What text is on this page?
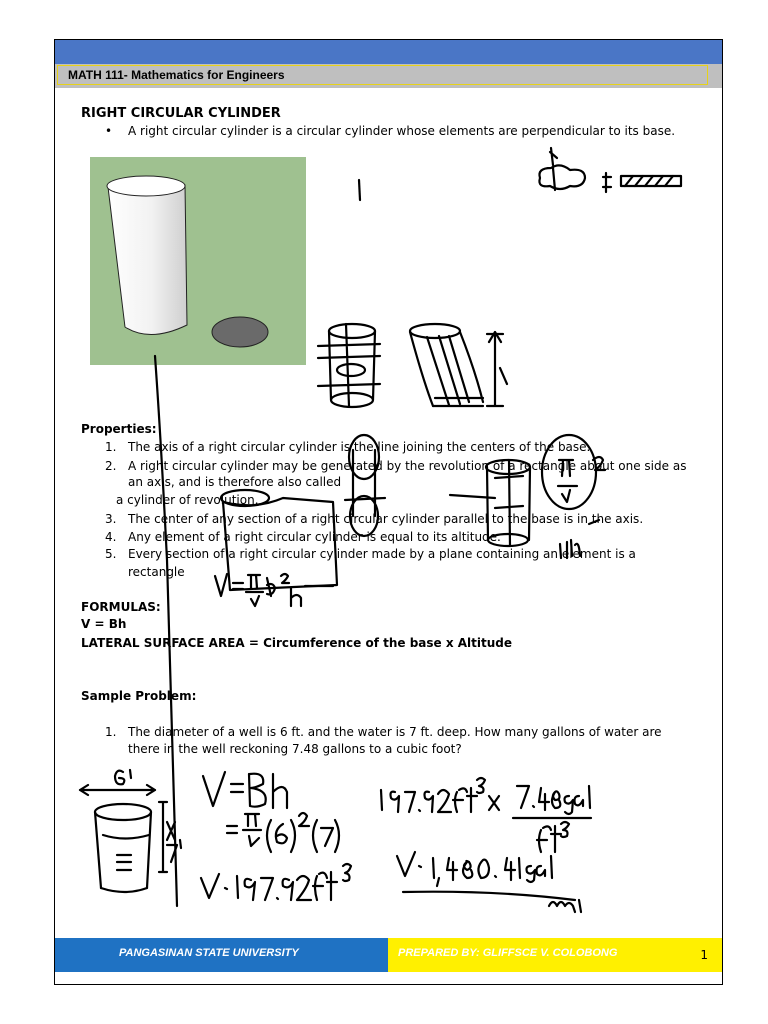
MATH 111- Mathematics for Engineers
RIGHT CIRCULAR CYLINDER
• A right circular cylinder is a circular cylinder whose elements are perpendicular to its base.
Properties:
1. The axis of a right circular cylinder is the line joining the centers of the base.
2. A right circular cylinder may be generated by the revolution of a rectangle about one side as
an axis, and is therefore also called
a cylinder of revolution.
3. The center of any section of a right circular cylinder parallel to the base is in the axis.
4. Any element of a right circular cylinder is equal to its altitude.
5. Every section of a right circular cylinder made by a plane containing an element is a
rectangle
FORMULAS:
V = Bh
LATERAL SURFACE AREA = Circumference of the base x Altitude
Sample Problem:
1. The diameter of a well is 6 ft. and the water is 7 ft. deep. How many gallons of water are
there in the well reckoning 7.48 gallons to a cubic foot?
PANGASINAN STATE UNIVERSITY	PREPARED BY: GLIFFSCE V. COLOBONG	1
